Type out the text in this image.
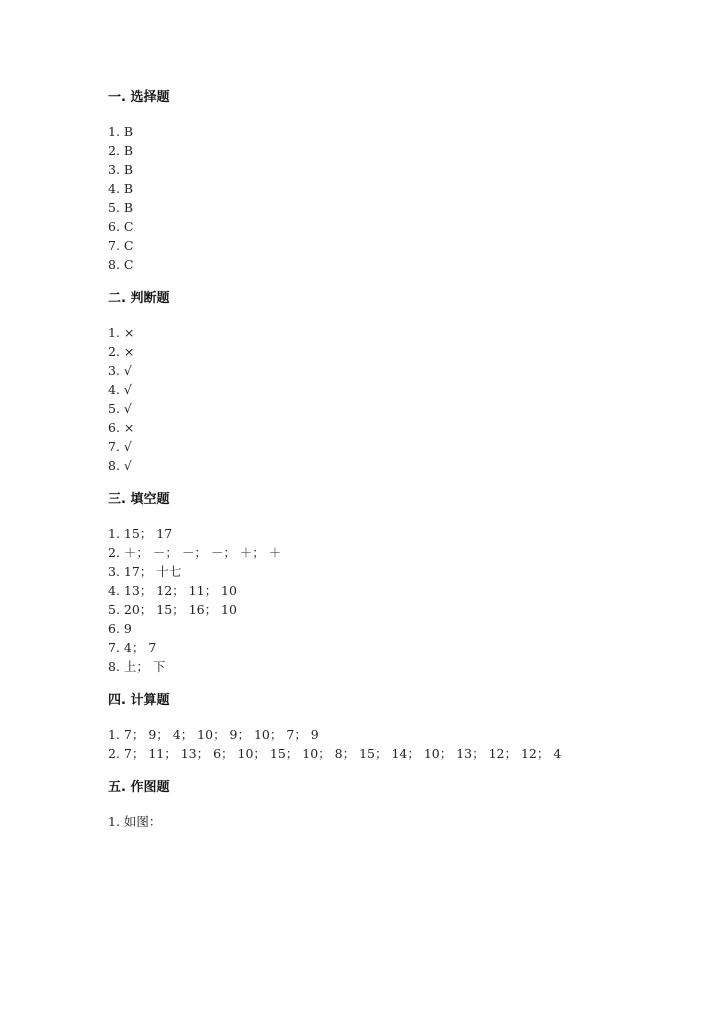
一. 选择题
1. B
2. B
3. B
4. B
5. B
6. C
7. C
8. C
二. 判断题
1. ×
2. ×
3. √
4. √
5. √
6. ×
7. √
8. √
三. 填空题
1. 15； 17
2. ＋； －； －； －； ＋； ＋
3. 17； 十七
4. 13； 12； 11； 10
5. 20； 15； 16； 10
6. 9
7. 4； 7
8. 上； 下
四. 计算题
1. 7； 9； 4； 10； 9； 10； 7； 9
2. 7； 11； 13； 6； 10； 15； 10； 8； 15； 14； 10； 13； 12； 12； 4
五. 作图题
1. 如图：
